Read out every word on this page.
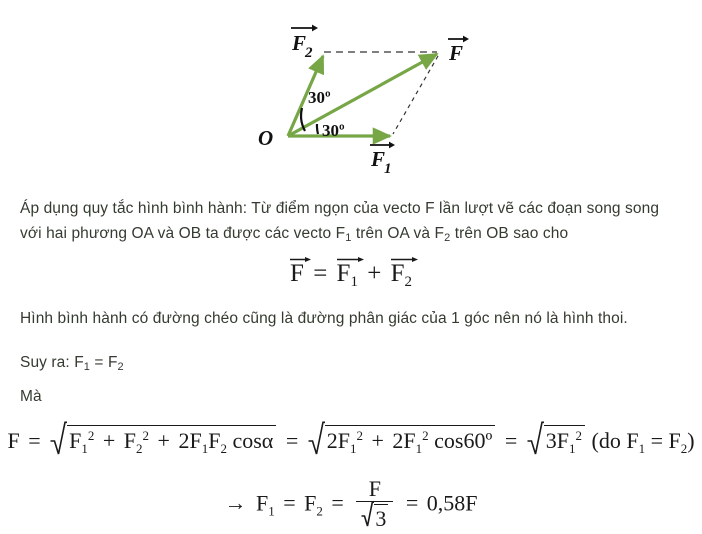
O
F
2	F
F
1
30º
30º
Áp dụng quy tắc hình bình hành: Từ điểm ngọn của vecto F lần lượt vẽ các đoạn song song
với hai phương OA và OB ta được các vecto $F_1$ trên OA và $F_2$ trên OB sao cho
$F = F_1 + F_2$
Hình bình hành có đường chéo cũng là đường phân giác của 1 góc nên nó là hình thoi.
Suy ra: $F_1 = F_2$
Mà
$F = F_1^2 + F_2^2 + 2F_1F_2$ $\cos\alpha = 2F_1^2 + 2F_1^2$ cos60º = $3F_1^2$ (do $F_1 = F_2$)
→ $F_1 = F_2 = \frac{F}{3} = 0,58F$
